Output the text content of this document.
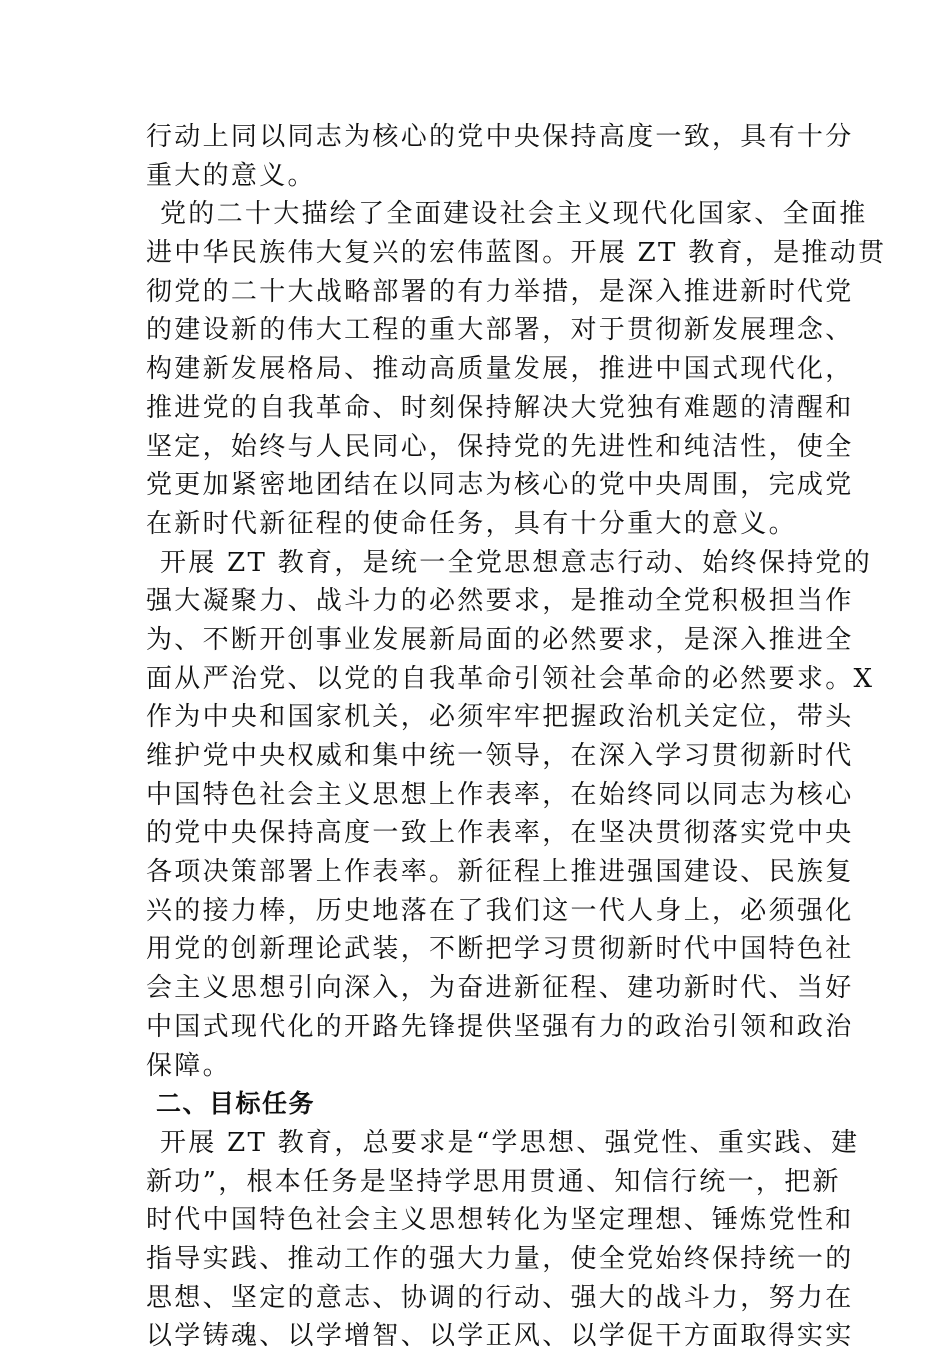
行动上同以同志为核心的党中央保持高度一致，具有十分
重大的意义。
党的二十大描绘了全面建设社会主义现代化国家、全面推
进中华民族伟大复兴的宏伟蓝图。开展 ZT 教育，是推动贯
彻党的二十大战略部署的有力举措，是深入推进新时代党
的建设新的伟大工程的重大部署，对于贯彻新发展理念、
构建新发展格局、推动高质量发展，推进中国式现代化，
推进党的自我革命、时刻保持解决大党独有难题的清醒和
坚定，始终与人民同心，保持党的先进性和纯洁性，使全
党更加紧密地团结在以同志为核心的党中央周围，完成党
在新时代新征程的使命任务，具有十分重大的意义。
开展 ZT 教育，是统一全党思想意志行动、始终保持党的
强大凝聚力、战斗力的必然要求，是推动全党积极担当作
为、不断开创事业发展新局面的必然要求，是深入推进全
面从严治党、以党的自我革命引领社会革命的必然要求。X
作为中央和国家机关，必须牢牢把握政治机关定位，带头
维护党中央权威和集中统一领导，在深入学习贯彻新时代
中国特色社会主义思想上作表率，在始终同以同志为核心
的党中央保持高度一致上作表率，在坚决贯彻落实党中央
各项决策部署上作表率。新征程上推进强国建设、民族复
兴的接力棒，历史地落在了我们这一代人身上，必须强化
用党的创新理论武装，不断把学习贯彻新时代中国特色社
会主义思想引向深入，为奋进新征程、建功新时代、当好
中国式现代化的开路先锋提供坚强有力的政治引领和政治
保障。
二、目标任务
开展 ZT 教育，总要求是“学思想、强党性、重实践、建
新功”，根本任务是坚持学思用贯通、知信行统一，把新
时代中国特色社会主义思想转化为坚定理想、锤炼党性和
指导实践、推动工作的强大力量，使全党始终保持统一的
思想、坚定的意志、协调的行动、强大的战斗力，努力在
以学铸魂、以学增智、以学正风、以学促干方面取得实实
